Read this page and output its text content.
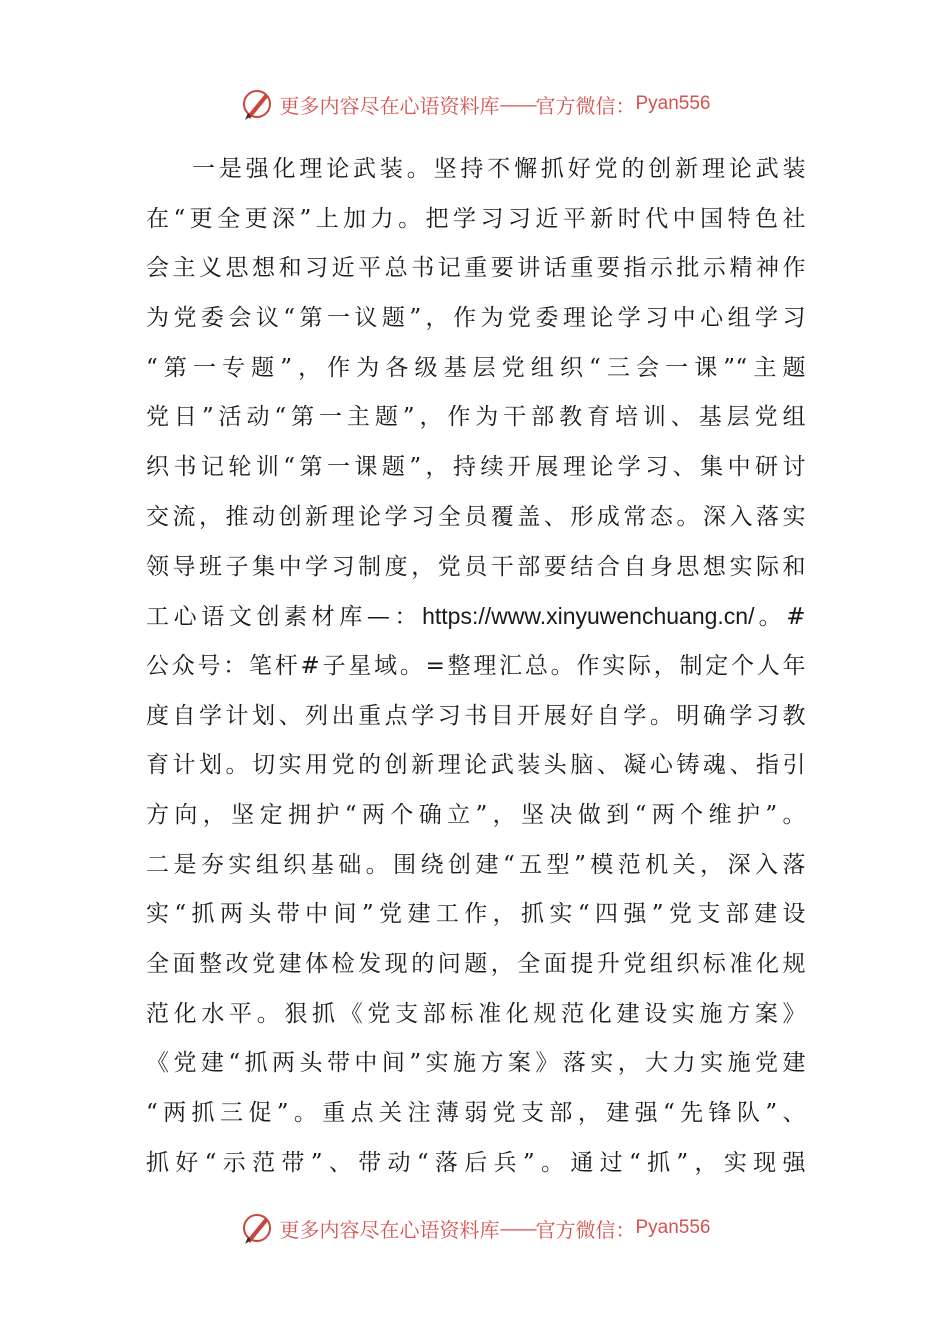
更多内容尽在心语资料库 —— 官方微信： Pyan556
一是强化理论武装。坚持不懈抓好党的创新理论武装
在“更全更深”上加力。把学习习近平新时代中国特色社
会主义思想和习近平总书记重要讲话重要指示批示精神作
为党委会议“第一议题”，作为党委理论学习中心组学习
“第一专题”，作为各级基层党组织“三会一课”“主题
党日”活动“第一主题”，作为干部教育培训、基层党组
织书记轮训“第一课题”，持续开展理论学习、集中研讨
交流，推动创新理论学习全员覆盖、形成常态。深入落实
领导班子集中学习制度，党员干部要结合自身思想实际和
工心语文创素材库—：https://www.xinyuwenchuang.cn/。#
公众号：笔杆#子星域。=整理汇总。作实际，制定个人年
度自学计划、列出重点学习书目开展好自学。明确学习教
育计划。切实用党的创新理论武装头脑、凝心铸魂、指引
方向，坚定拥护“两个确立”，坚决做到“两个维护”。
二是夯实组织基础。围绕创建“五型”模范机关，深入落
实“抓两头带中间”党建工作，抓实“四强”党支部建设
全面整改党建体检发现的问题，全面提升党组织标准化规
范化水平。狠抓《党支部标准化规范化建设实施方案》
《党建“抓两头带中间”实施方案》落实，大力实施党建
“两抓三促”。重点关注薄弱党支部，建强“先锋队”、
抓好“示范带”、带动“落后兵”。通过“抓”，实现强
更多内容尽在心语资料库 —— 官方微信： Pyan556
